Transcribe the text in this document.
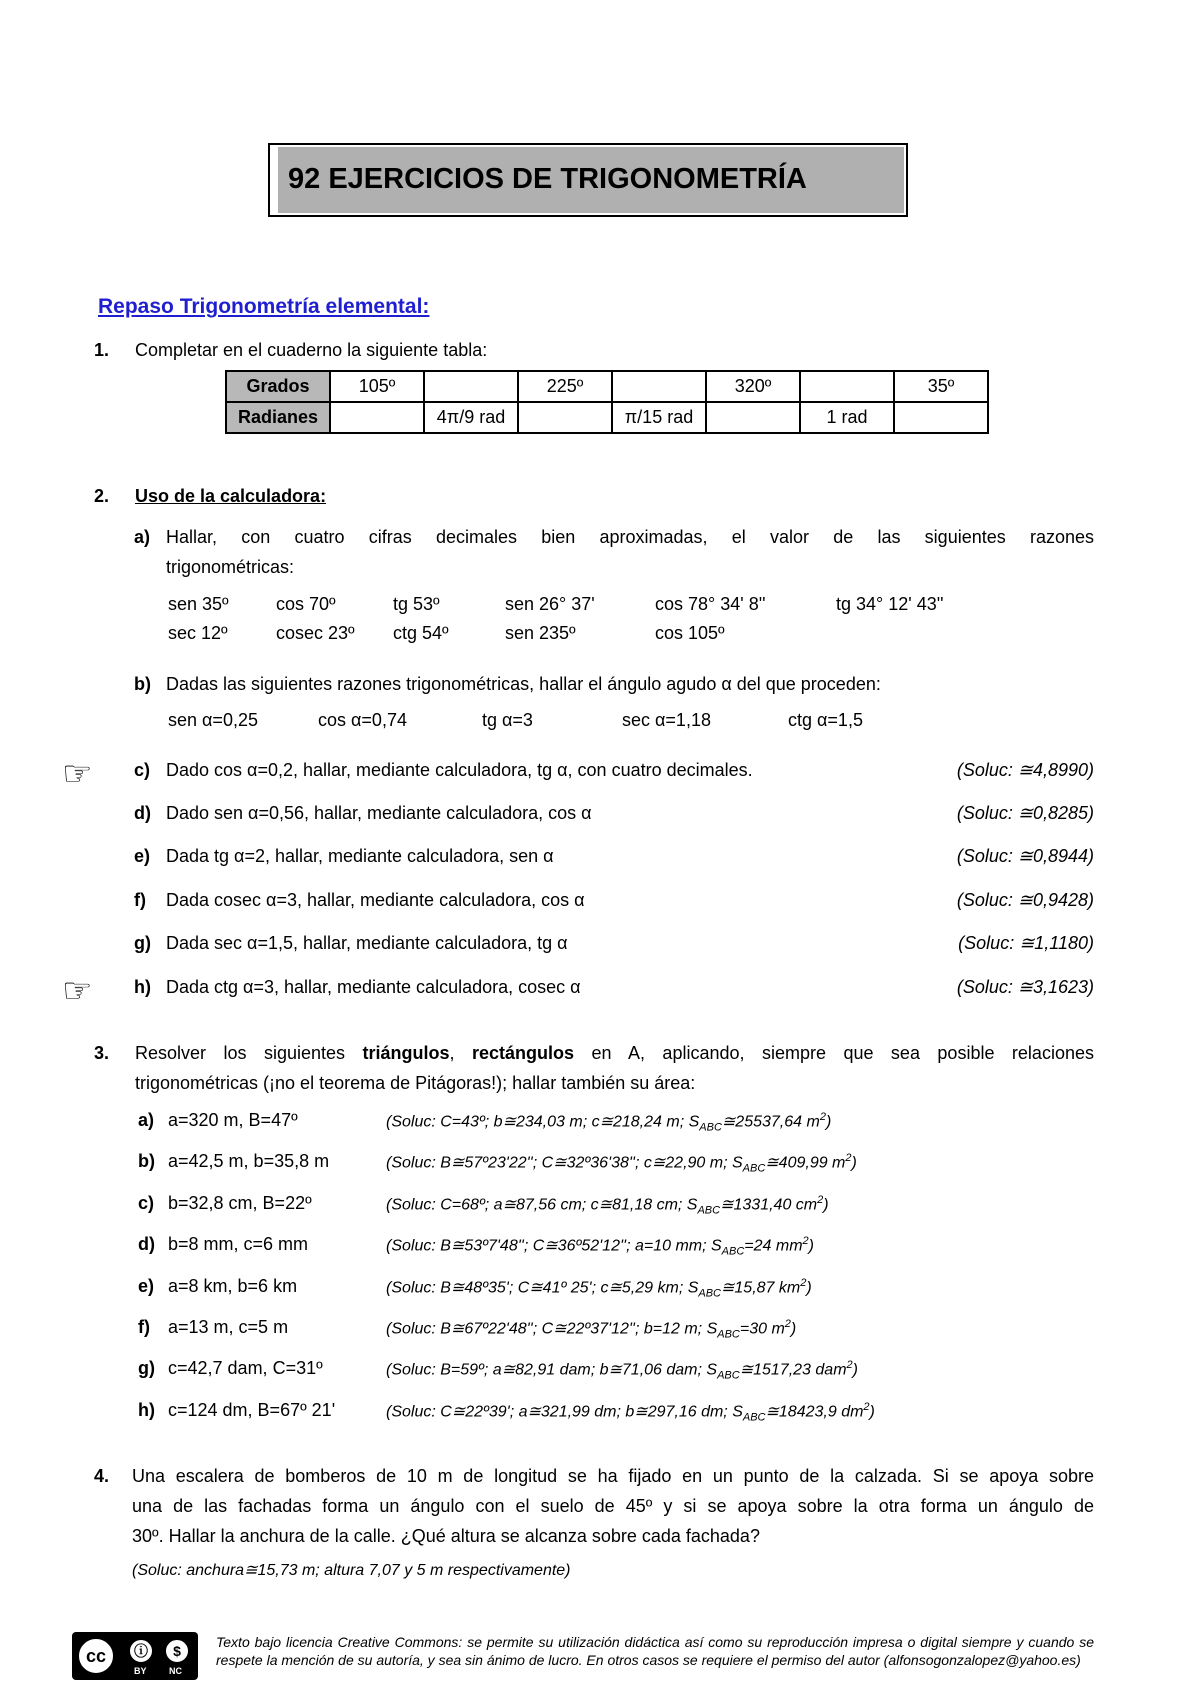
92 EJERCICIOS DE TRIGONOMETRÍA
Repaso Trigonometría elemental:
1. Completar en el cuaderno la siguiente tabla:
Grados	105º		225º		320º		35º
Radianes		4π/9 rad		π/15 rad		1 rad	
2. Uso de la calculadora:
a) Hallar, con cuatro cifras decimales bien aproximadas, el valor de las siguientes razones
trigonométricas:
sen 35º	cos 70º	tg 53º	sen 26° 37'	cos 78° 34' 8''	tg 34° 12' 43''
sec 12º	cosec 23º ctg 54º	sen 235º	cos 105º
b) Dadas las siguientes razones trigonométricas, hallar el ángulo agudo α del que proceden:
sen α=0,25	cos α=0,74	tg α=3	sec α=1,18	ctg α=1,5
☞
☞
c) Dado cos α=0,2, hallar, mediante calculadora, tg α, con cuatro decimales.	(Soluc: ≅4,8990)
d) Dado sen α=0,56, hallar, mediante calculadora, cos α	(Soluc: ≅0,8285)
e) Dada tg α=2, hallar, mediante calculadora, sen α	(Soluc: ≅0,8944)
f) Dada cosec α=3, hallar, mediante calculadora, cos α	(Soluc: ≅0,9428)
g) Dada sec α=1,5, hallar, mediante calculadora, tg α	(Soluc: ≅1,1180)
h) Dada ctg α=3, hallar, mediante calculadora, cosec α	(Soluc: ≅3,1623)
3. Resolver los siguientes triángulos, rectángulos en A, aplicando, siempre que sea posible relaciones
trigonométricas (¡no el teorema de Pitágoras!); hallar también su área:
a) a=320 m, B=47º	(Soluc: C=43º; b≅234,03 m; c≅218,24 m; $S_{ABC}≅25537,64$ $m^2$)
b) a=42,5 m, b=35,8 m	(Soluc: B≅57º23'22''; C≅32º36'38''; c≅22,90 m; $S_{ABC}≅409,99$ $m^2$)
c) b=32,8 cm, B=22º	(Soluc: C=68º; a≅87,56 cm; c≅81,18 cm; $S_{ABC}≅1331,40$ $cm^2$)
d) b=8 mm, c=6 mm	(Soluc: B≅53º7'48''; C≅36º52'12''; a=10 mm; $S_{ABC}=24$ $mm^2$)
e) a=8 km, b=6 km	(Soluc: B≅48º35'; C≅41º 25'; c≅5,29 km; $S_{ABC}≅15,87$ $km^2$)
f) a=13 m, c=5 m	(Soluc: B≅67º22'48''; C≅22º37'12''; b=12 m; $S_{ABC}=30$ $m^2$)
g) c=42,7 dam, C=31º	(Soluc: B=59º; a≅82,91 dam; b≅71,06 dam; $S_{ABC}≅1517,23$ dam$^2$)
h) c=124 dm, B=67º 21'	(Soluc: C≅22º39'; a≅321,99 dm; b≅297,16 dm; $S_{ABC}≅18423,9$ $dm^2$)
4. Una escalera de bomberos de 10 m de longitud se ha fijado en un punto de la calzada. Si se apoya sobre
una de las fachadas forma un ángulo con el suelo de 45º y si se apoya sobre la otra forma un ángulo de
30º. Hallar la anchura de la calle. ¿Qué altura se alcanza sobre cada fachada?
(Soluc: anchura≅15,73 m; altura 7,07 y 5 m respectivamente)
cc	ⓘ	$
BY NC
Texto bajo licencia Creative Commons: se permite su utilización didáctica así como su reproducción impresa o digital siempre y cuando se respete la mención de su autoría, y sea sin ánimo de lucro. En otros casos se requiere el permiso del autor (alfonsogonzalopez@yahoo.es)
